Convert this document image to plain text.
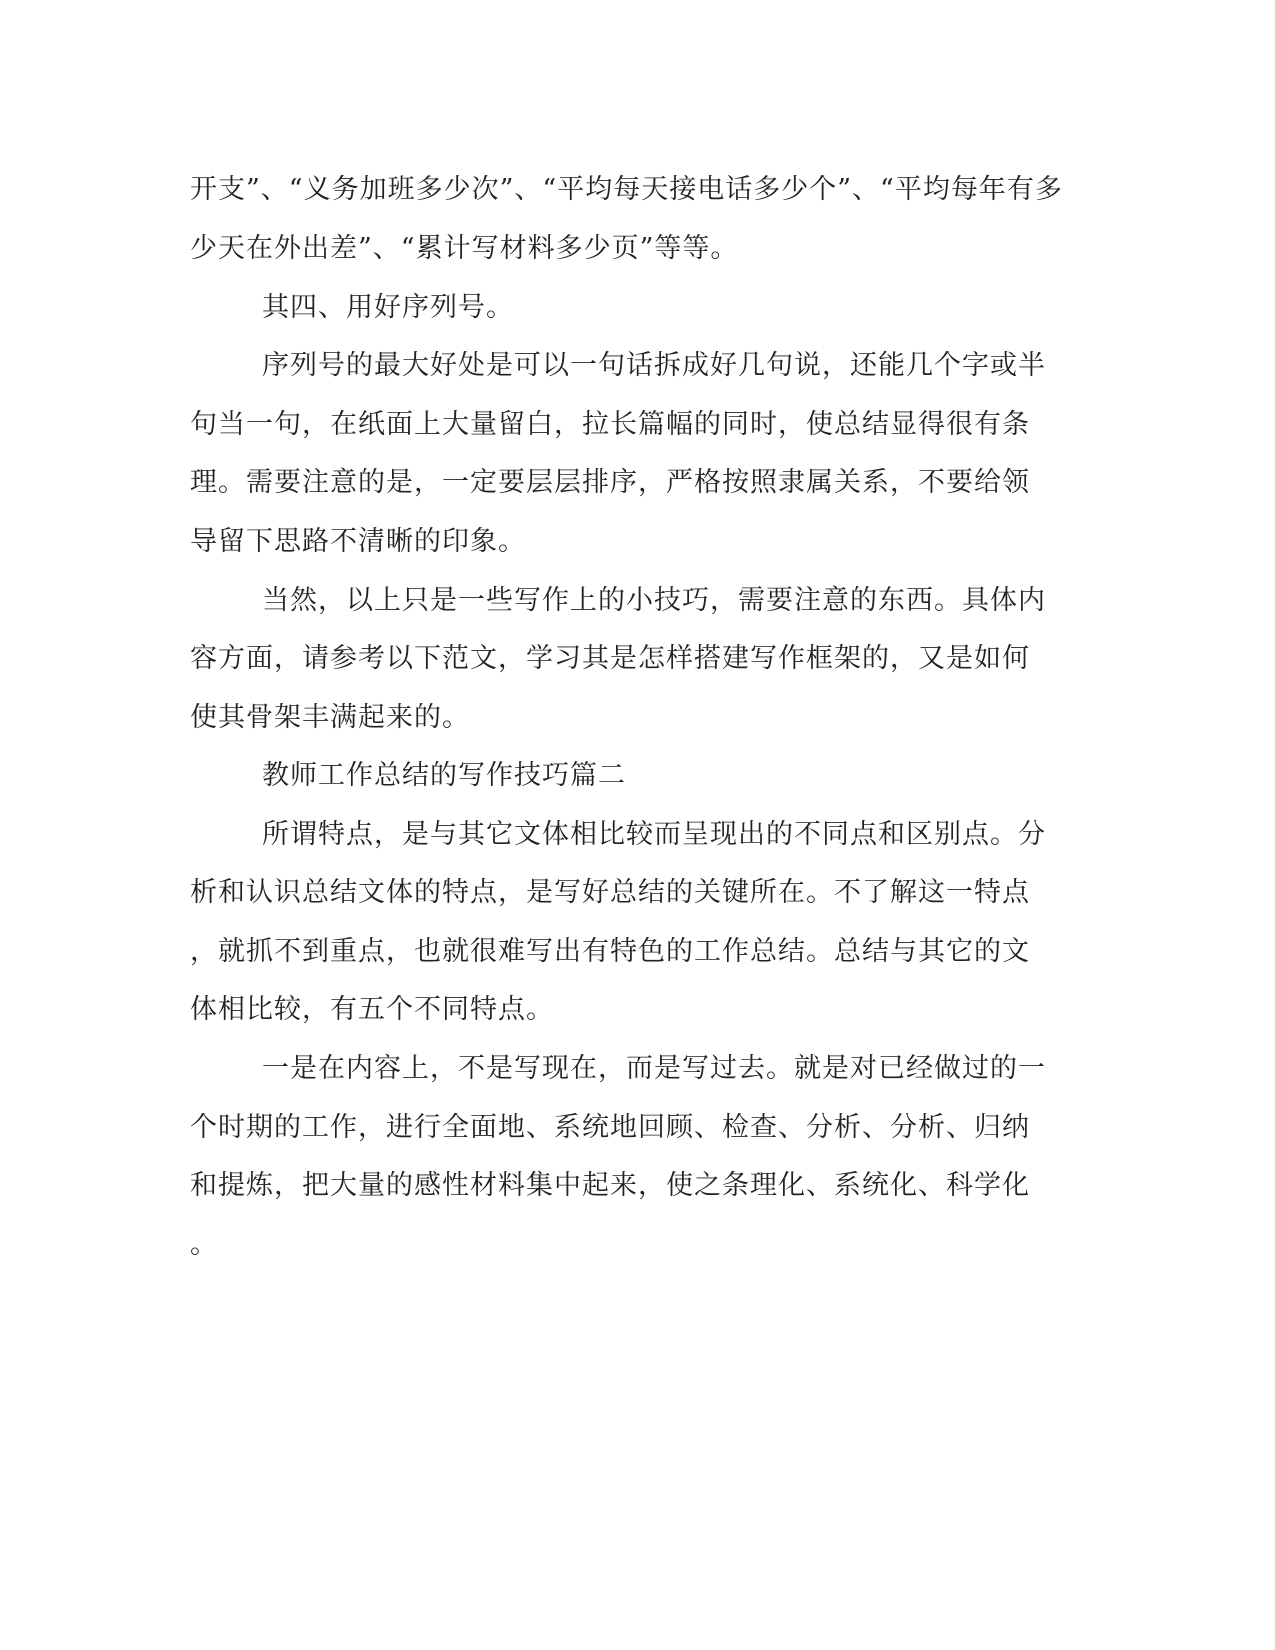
开支”、“义务加班多少次”、“平均每天接电话多少个”、“平均每年有多
少天在外出差”、“累计写材料多少页”等等。
其四、用好序列号。
序列号的最大好处是可以一句话拆成好几句说，还能几个字或半
句当一句，在纸面上大量留白，拉长篇幅的同时，使总结显得很有条
理。需要注意的是，一定要层层排序，严格按照隶属关系，不要给领
导留下思路不清晰的印象。
当然，以上只是一些写作上的小技巧，需要注意的东西。具体内
容方面，请参考以下范文，学习其是怎样搭建写作框架的，又是如何
使其骨架丰满起来的。
教师工作总结的写作技巧篇二
所谓特点，是与其它文体相比较而呈现出的不同点和区别点。分
析和认识总结文体的特点，是写好总结的关键所在。不了解这一特点
，就抓不到重点，也就很难写出有特色的工作总结。总结与其它的文
体相比较，有五个不同特点。
一是在内容上，不是写现在，而是写过去。就是对已经做过的一
个时期的工作，进行全面地、系统地回顾、检查、分析、分析、归纳
和提炼，把大量的感性材料集中起来，使之条理化、系统化、科学化
。
